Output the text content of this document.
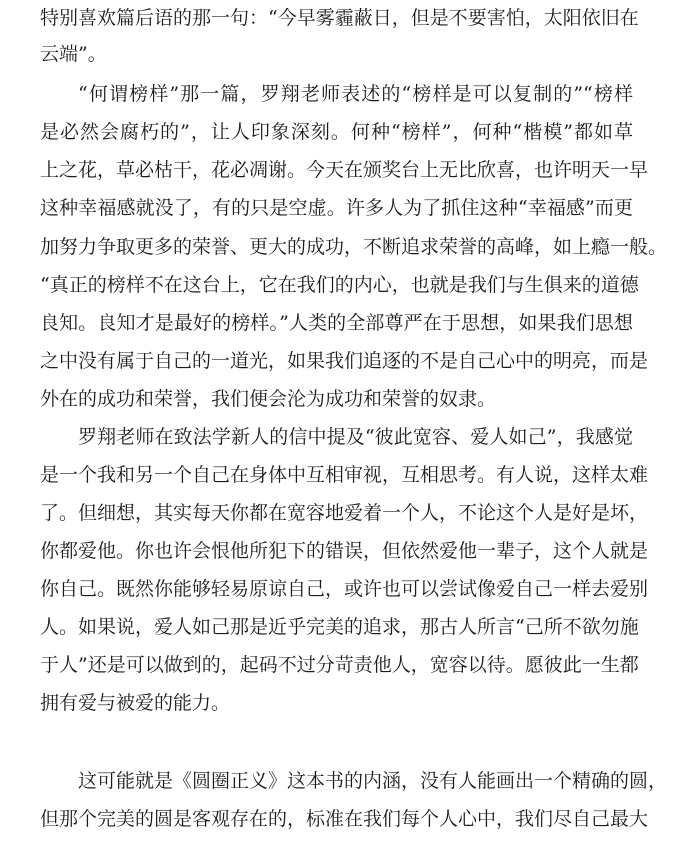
特别喜欢篇后语的那一句：“今早雾霾蔽日，但是不要害怕，太阳依旧在
云端”。
“何谓榜样”那一篇，罗翔老师表述的“榜样是可以复制的”“榜样
是必然会腐朽的”，让人印象深刻。何种“榜样”，何种“楷模”都如草
上之花，草必枯干，花必凋谢。今天在颁奖台上无比欣喜，也许明天一早
这种幸福感就没了，有的只是空虚。许多人为了抓住这种“幸福感”而更
加努力争取更多的荣誉、更大的成功，不断追求荣誉的高峰，如上瘾一般。
“真正的榜样不在这台上，它在我们的内心，也就是我们与生俱来的道德
良知。良知才是最好的榜样。”人类的全部尊严在于思想，如果我们思想
之中没有属于自己的一道光，如果我们追逐的不是自己心中的明亮，而是
外在的成功和荣誉，我们便会沦为成功和荣誉的奴隶。
罗翔老师在致法学新人的信中提及“彼此宽容、爱人如己”，我感觉
是一个我和另一个自己在身体中互相审视，互相思考。有人说，这样太难
了。但细想，其实每天你都在宽容地爱着一个人，不论这个人是好是坏，
你都爱他。你也许会恨他所犯下的错误，但依然爱他一辈子，这个人就是
你自己。既然你能够轻易原谅自己，或许也可以尝试像爱自己一样去爱别
人。如果说，爱人如己那是近乎完美的追求，那古人所言“己所不欲勿施
于人”还是可以做到的，起码不过分苛责他人，宽容以待。愿彼此一生都
拥有爱与被爱的能力。
这可能就是《圆圈正义》这本书的内涵，没有人能画出一个精确的圆，
但那个完美的圆是客观存在的，标准在我们每个人心中，我们尽自己最大
